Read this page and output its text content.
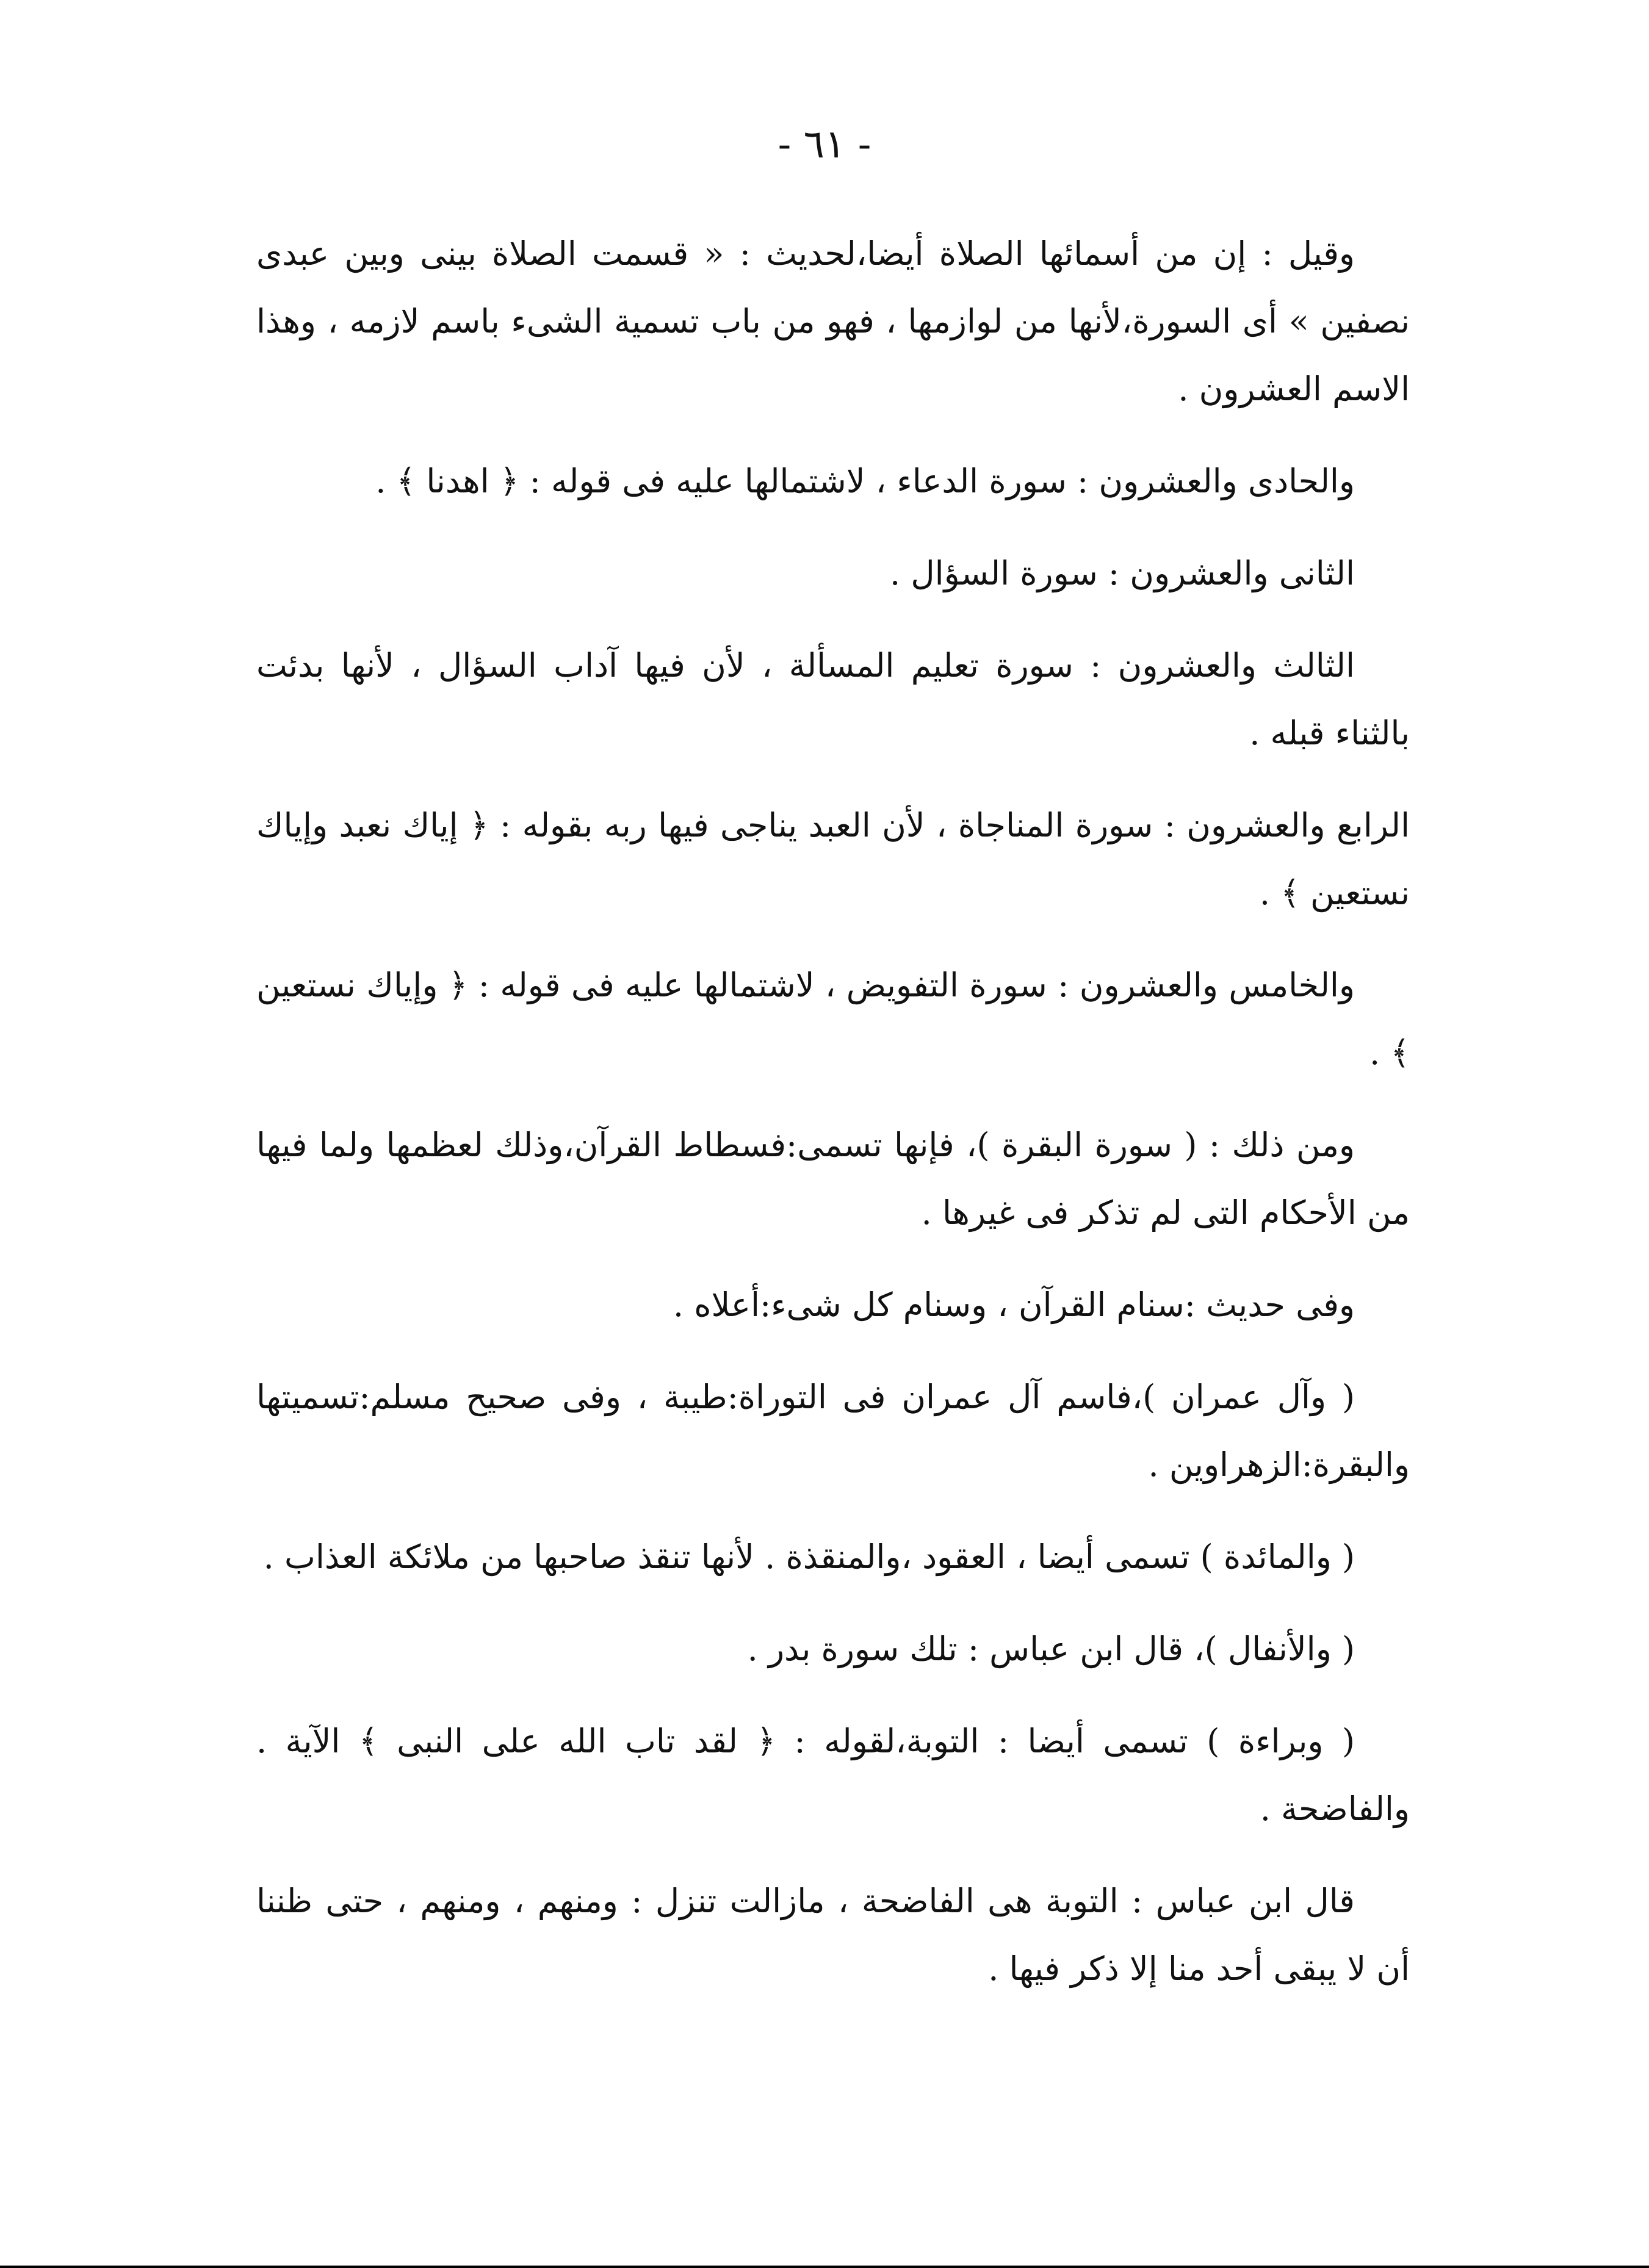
- ٦١ -

وقيل : إن من أسمائها الصلاة أيضا،لحديث : « قسمت الصلاة بينى وبين عبدى نصفين » أى السورة،لأنها من لوازمها ، فهو من باب تسمية الشىء باسم لازمه ، وهذا الاسم العشرون .

والحادى والعشرون : سورة الدعاء ، لاشتمالها عليه فى قوله : ﴿ اهدنا ﴾ .

الثانى والعشرون : سورة السؤال .

الثالث والعشرون : سورة تعليم المسألة ، لأن فيها آداب السؤال ، لأنها بدئت بالثناء قبله .

الرابع والعشرون : سورة المناجاة ، لأن العبد يناجى فيها ربه بقوله : ﴿ إياك نعبد وإياك نستعين ﴾ .

والخامس والعشرون : سورة التفويض ، لاشتمالها عليه فى قوله : ﴿ وإياك نستعين ﴾ .

ومن ذلك : ( سورة البقرة )، فإنها تسمى:فسطاط القرآن،وذلك لعظمها ولما فيها من الأحكام التى لم تذكر فى غيرها .

وفى حديث :سنام القرآن ، وسنام كل شىء:أعلاه .

( وآل عمران )،فاسم آل عمران فى التوراة:طيبة ، وفى صحيح مسلم:تسميتها والبقرة:الزهراوين .

( والمائدة ) تسمى أيضا ، العقود ،والمنقذة . لأنها تنقذ صاحبها من ملائكة العذاب .

( والأنفال )، قال ابن عباس : تلك سورة بدر .

( وبراءة ) تسمى أيضا : التوبة،لقوله : ﴿ لقد تاب الله على النبى ﴾ الآية . والفاضحة .

قال ابن عباس : التوبة هى الفاضحة ، مازالت تنزل : ومنهم ، ومنهم ، حتى ظننا أن لا يبقى أحد منا إلا ذكر فيها .
